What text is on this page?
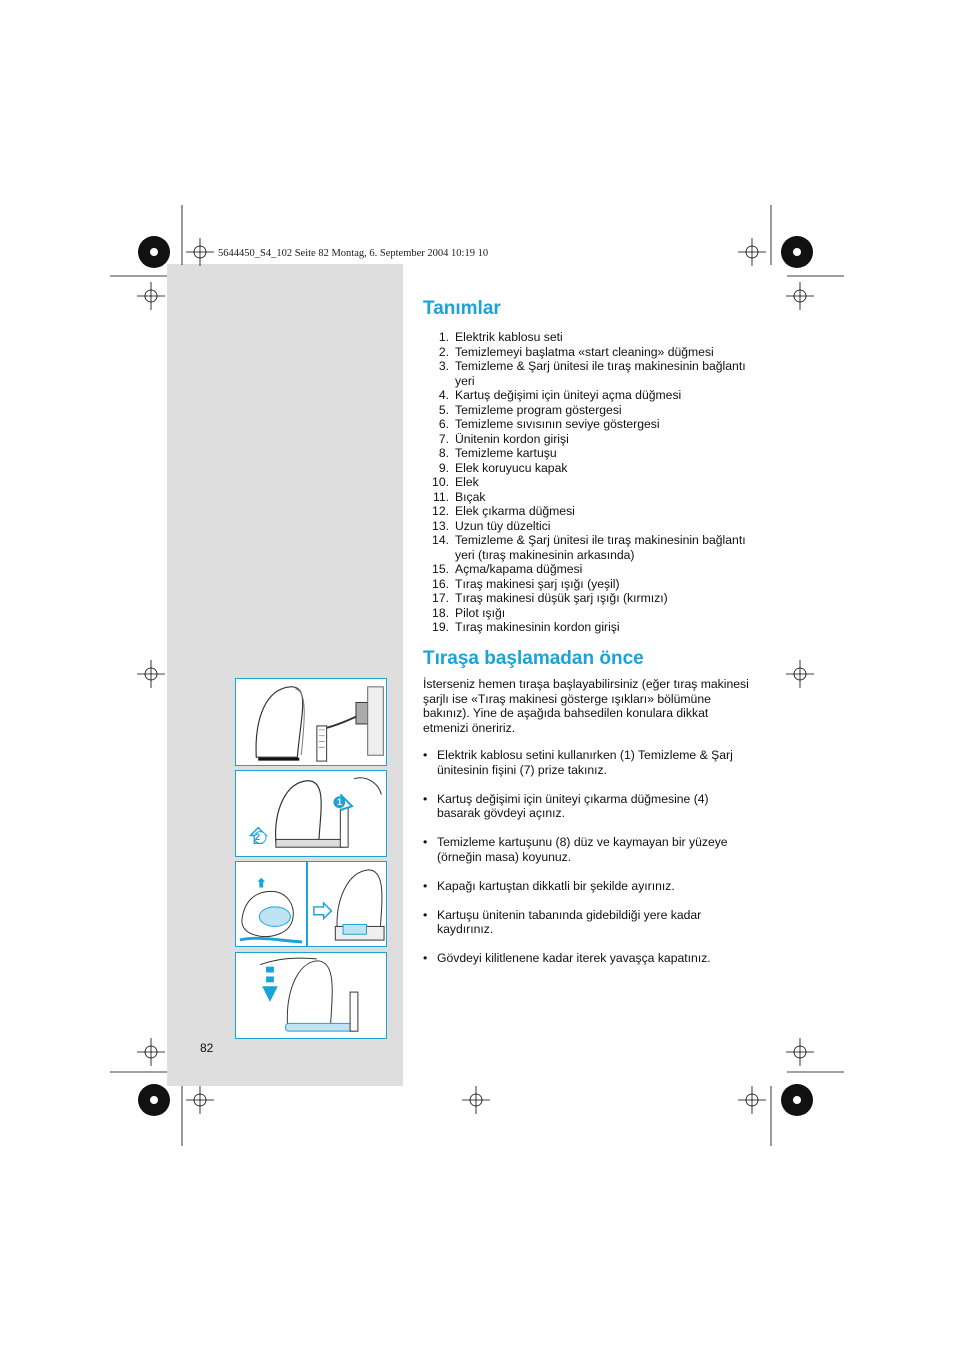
5644450_S4_102 Seite 82 Montag, 6. September 2004 10:19 10
Tanımlar
1. Elektrik kablosu seti
2. Temizlemeyi başlatma «start cleaning» düğmesi
3. Temizleme & Şarj ünitesi ile tıraş makinesinin bağlantı yeri
4. Kartuş değişimi için üniteyi açma düğmesi
5. Temizleme program göstergesi
6. Temizleme sıvısının seviye göstergesi
7. Ünitenin kordon girişi
8. Temizleme kartuşu
9. Elek koruyucu kapak
10. Elek
11. Bıçak
12. Elek çıkarma düğmesi
13. Uzun tüy düzeltici
14. Temizleme & Şarj ünitesi ile tıraş makinesinin bağlantı yeri (tıraş makinesinin arkasında)
15. Açma/kapama düğmesi
16. Tıraş makinesi şarj ışığı (yeşil)
17. Tıraş makinesi düşük şarj ışığı (kırmızı)
18. Pilot ışığı
19. Tıraş makinesinin kordon girişi
Tıraşa başlamadan önce

İsterseniz hemen tıraşa başlayabilirsiniz (eğer tıraş makinesi şarjlı ise «Tıraş makinesi gösterge ışıkları» bölümüne bakınız). Yine de aşağıda bahsedilen konulara dikkat etmenizi öneririz.

• Elektrik kablosu setini kullanırken (1) Temizleme & Şarj ünitesinin fişini (7) prize takınız.
• Kartuş değişimi için üniteyi çıkarma düğmesine (4) basarak gövdeyi açınız.
• Temizleme kartuşunu (8) düz ve kaymayan bir yüzeye (örneğin masa) koyunuz.
• Kapağı kartuştan dikkatli bir şekilde ayırınız.
• Kartuşu ünitenin tabanında gidebildiği yere kadar kaydırınız.
• Gövdeyi kilitlenene kadar iterek yavaşça kapatınız.
82
1
2
